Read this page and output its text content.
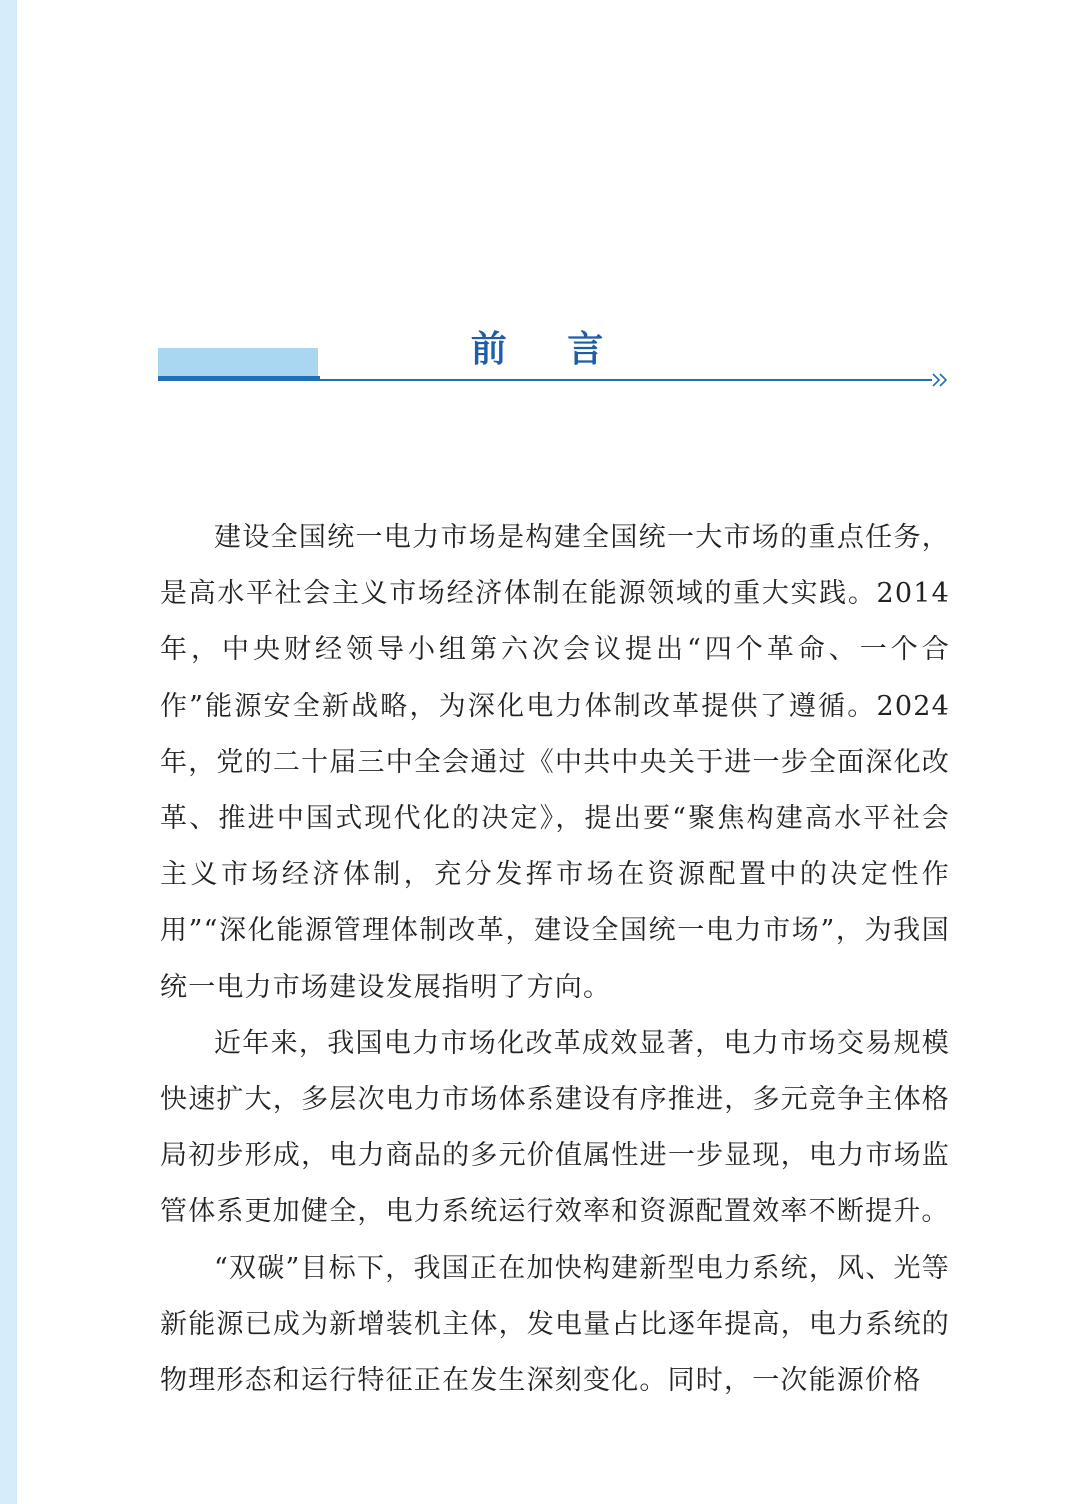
前 言

建设全国统一电力市场是构建全国统一大市场的重点任务，是高水平社会主义市场经济体制在能源领域的重大实践。2014 年，中央财经领导小组第六次会议提出“四个革命、一个合作”能源安全新战略，为深化电力体制改革提供了遵循。2024 年，党的二十届三中全会通过《中共中央关于进一步全面深化改革、推进中国式现代化的决定》，提出要“聚焦构建高水平社会主义市场经济体制，充分发挥市场在资源配置中的决定性作用”“深化能源管理体制改革，建设全国统一电力市场”，为我国统一电力市场建设发展指明了方向。

近年来，我国电力市场化改革成效显著，电力市场交易规模快速扩大，多层次电力市场体系建设有序推进，多元竞争主体格局初步形成，电力商品的多元价值属性进一步显现，电力市场监管体系更加健全，电力系统运行效率和资源配置效率不断提升。

“双碳”目标下，我国正在加快构建新型电力系统，风、光等新能源已成为新增装机主体，发电量占比逐年提高，电力系统的物理形态和运行特征正在发生深刻变化。同时，一次能源价格
